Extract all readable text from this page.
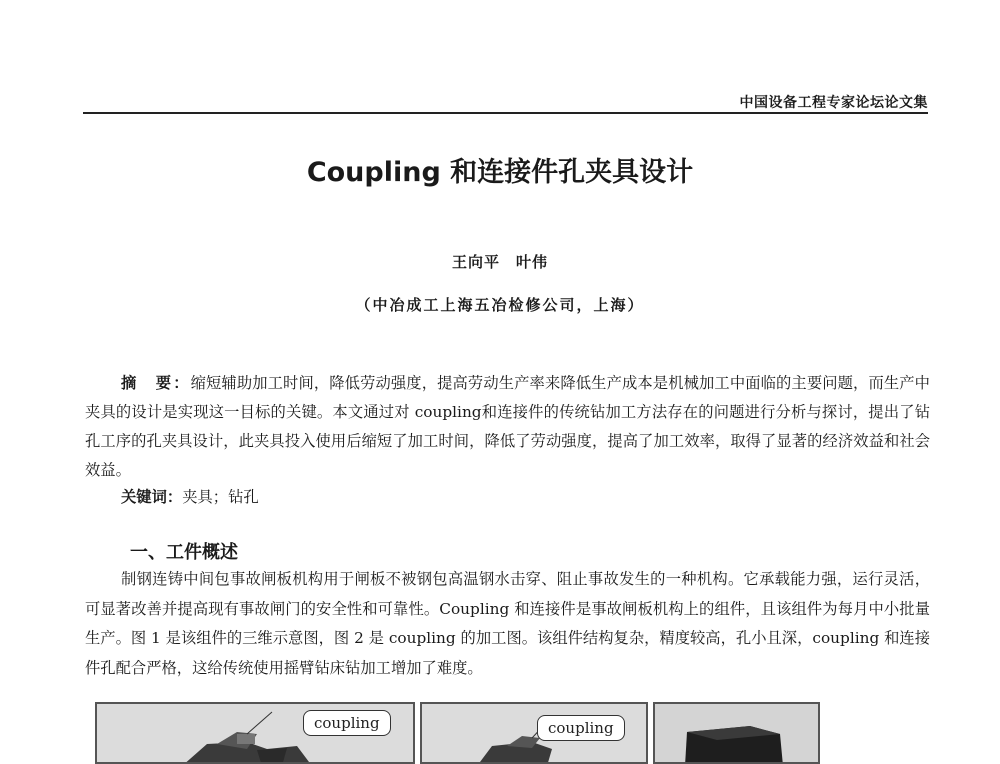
中国设备工程专家论坛论文集
Coupling 和连接件孔夹具设计
王向平　叶伟
（中冶成工上海五冶检修公司，上海）

摘　要：缩短辅助加工时间，降低劳动强度，提高劳动生产率来降低生产成本是机械加工中面临的主要问题，而生产中夹具的设计是实现这一目标的关键。本文通过对 coupling和连接件的传统钻加工方法存在的问题进行分析与探讨，提出了钻孔工序的孔夹具设计，此夹具投入使用后缩短了加工时间，降低了劳动强度，提高了加工效率，取得了显著的经济效益和社会效益。

关键词：夹具；钻孔

一、工件概述

制钢连铸中间包事故闸板机构用于闸板不被钢包高温钢水击穿、阻止事故发生的一种机构。它承载能力强，运行灵活，可显著改善并提高现有事故闸门的安全性和可靠性。Coupling 和连接件是事故闸板机构上的组件，且该组件为每月中小批量生产。图 1 是该组件的三维示意图，图 2 是 coupling 的加工图。该组件结构复杂，精度较高，孔小且深，coupling 和连接件孔配合严格，这给传统使用摇臂钻床钻加工增加了难度。

coupling	coupling
